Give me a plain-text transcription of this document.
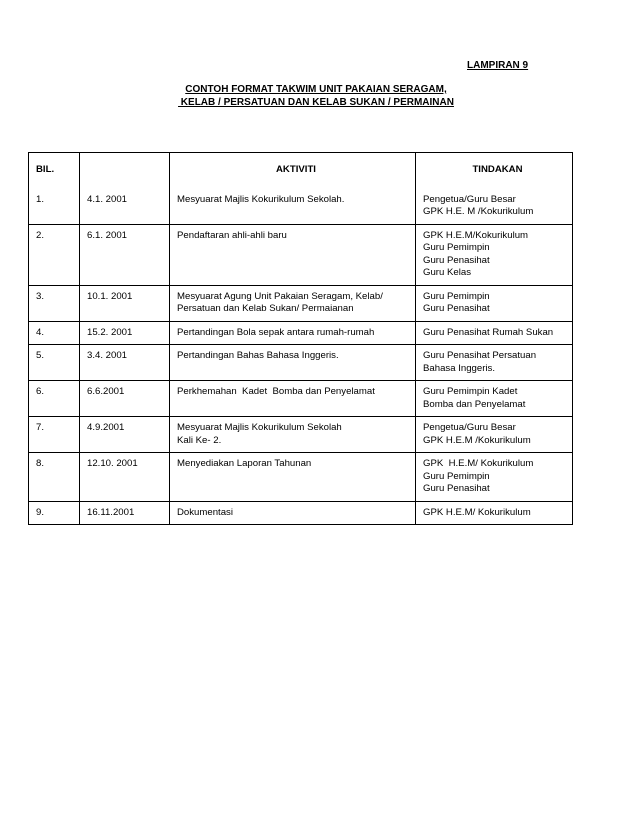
LAMPIRAN 9
CONTOH FORMAT TAKWIM UNIT PAKAIAN SERAGAM,
KELAB / PERSATUAN DAN KELAB SUKAN / PERMAINAN
BIL.		AKTIVITI	TINDAKAN
1.	4.1. 2001	Mesyuarat Majlis Kokurikulum Sekolah.	Pengetua/Guru Besar
GPK H.E. M /Kokurikulum

2.	6.1. 2001	Pendaftaran ahli-ahli baru	GPK H.E.M/Kokurikulum
Guru Pemimpin
Guru Penasihat
Guru Kelas

3.	10.1. 2001	Mesyuarat Agung Unit Pakaian Seragam, Kelab/
Persatuan dan Kelab Sukan/ Permaianan	Guru Pemimpin
Guru Penasihat

4.	15.2. 2001	Pertandingan Bola sepak antara rumah-rumah	Guru Penasihat Rumah Sukan

5.	3.4. 2001	Pertandingan Bahas Bahasa Inggeris.	Guru Penasihat Persatuan
Bahasa Inggeris.

6.	6.6.2001	Perkhemahan  Kadet  Bomba dan Penyelamat	Guru Pemimpin Kadet
Bomba dan Penyelamat

7.	4.9.2001	Mesyuarat Majlis Kokurikulum Sekolah
Kali Ke- 2.	Pengetua/Guru Besar
GPK H.E.M /Kokurikulum

8.	12.10. 2001	Menyediakan Laporan Tahunan	GPK  H.E.M/ Kokurikulum
Guru Pemimpin
Guru Penasihat

9.	16.11.2001	Dokumentasi	GPK H.E.M/ Kokurikulum
